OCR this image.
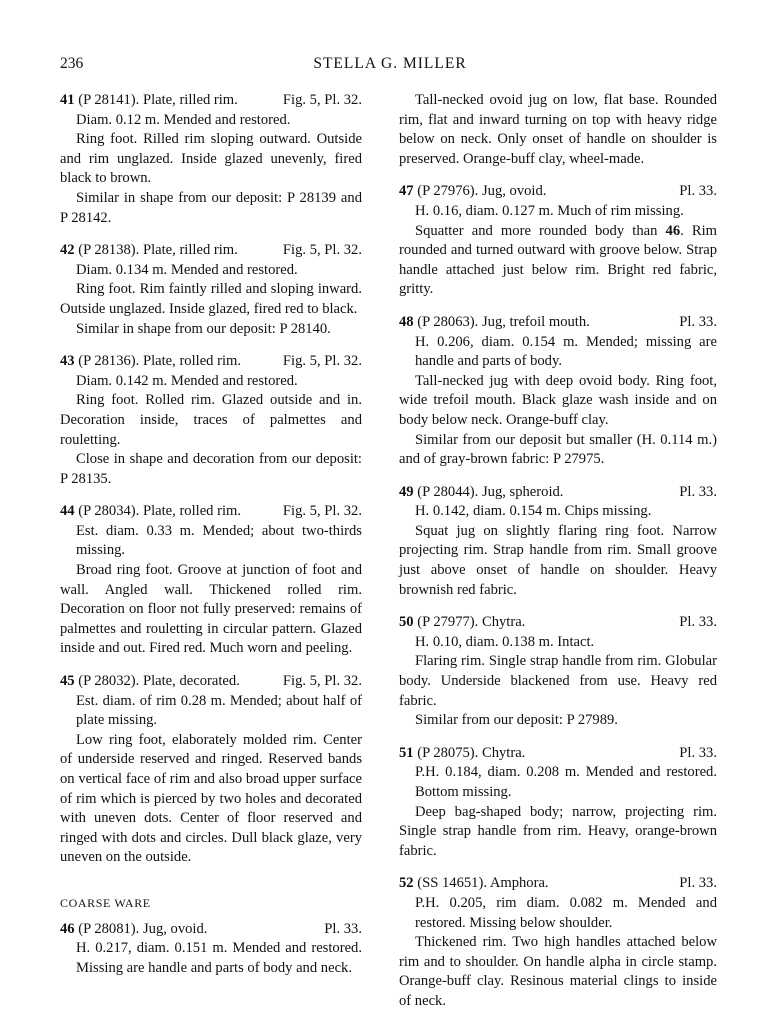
236	STELLA G. MILLER
41 (P 28141). Plate, rilled rim.	Fig. 5, Pl. 32.
Diam. 0.12 m. Mended and restored.
Ring foot. Rilled rim sloping outward. Outside and rim unglazed. Inside glazed unevenly, fired black to brown.
Similar in shape from our deposit: P 28139 and P 28142.
42 (P 28138). Plate, rilled rim.	Fig. 5, Pl. 32.
Diam. 0.134 m. Mended and restored.
Ring foot. Rim faintly rilled and sloping inward. Outside unglazed. Inside glazed, fired red to black.
Similar in shape from our deposit: P 28140.
43 (P 28136). Plate, rolled rim.	Fig. 5, Pl. 32.
Diam. 0.142 m. Mended and restored.
Ring foot. Rolled rim. Glazed outside and in. Decoration inside, traces of palmettes and rouletting.
Close in shape and decoration from our deposit: P 28135.
44 (P 28034). Plate, rolled rim.	Fig. 5, Pl. 32.
Est. diam. 0.33 m. Mended; about two-thirds missing.
Broad ring foot. Groove at junction of foot and wall. Angled wall. Thickened rolled rim. Decoration on floor not fully preserved: remains of palmettes and rouletting in circular pattern. Glazed inside and out. Fired red. Much worn and peeling.
45 (P 28032). Plate, decorated.	Fig. 5, Pl. 32.
Est. diam. of rim 0.28 m. Mended; about half of plate missing.
Low ring foot, elaborately molded rim. Center of underside reserved and ringed. Reserved bands on vertical face of rim and also broad upper surface of rim which is pierced by two holes and decorated with uneven dots. Center of floor reserved and ringed with dots and circles. Dull black glaze, very uneven on the outside.
COARSE WARE
46 (P 28081). Jug, ovoid.	Pl. 33.
H. 0.217, diam. 0.151 m. Mended and restored. Missing are handle and parts of body and neck.
Tall-necked ovoid jug on low, flat base. Rounded rim, flat and inward turning on top with heavy ridge below on neck. Only onset of handle on shoulder is preserved. Orange-buff clay, wheel-made.
47 (P 27976). Jug, ovoid.	Pl. 33.
H. 0.16, diam. 0.127 m. Much of rim missing.
Squatter and more rounded body than 46. Rim rounded and turned outward with groove below. Strap handle attached just below rim. Bright red fabric, gritty.
48 (P 28063). Jug, trefoil mouth.	Pl. 33.
H. 0.206, diam. 0.154 m. Mended; missing are handle and parts of body.
Tall-necked jug with deep ovoid body. Ring foot, wide trefoil mouth. Black glaze wash inside and on body below neck. Orange-buff clay.
Similar from our deposit but smaller (H. 0.114 m.) and of gray-brown fabric: P 27975.
49 (P 28044). Jug, spheroid.	Pl. 33.
H. 0.142, diam. 0.154 m. Chips missing.
Squat jug on slightly flaring ring foot. Narrow projecting rim. Strap handle from rim. Small groove just above onset of handle on shoulder. Heavy brownish red fabric.
50 (P 27977). Chytra.	Pl. 33.
H. 0.10, diam. 0.138 m. Intact.
Flaring rim. Single strap handle from rim. Globular body. Underside blackened from use. Heavy red fabric.
Similar from our deposit: P 27989.
51 (P 28075). Chytra.	Pl. 33.
P.H. 0.184, diam. 0.208 m. Mended and restored. Bottom missing.
Deep bag-shaped body; narrow, projecting rim. Single strap handle from rim. Heavy, orange-brown fabric.
52 (SS 14651). Amphora.	Pl. 33.
P.H. 0.205, rim diam. 0.082 m. Mended and restored. Missing below shoulder.
Thickened rim. Two high handles attached below rim and to shoulder. On handle alpha in circle stamp. Orange-buff clay. Resinous material clings to inside of neck.
